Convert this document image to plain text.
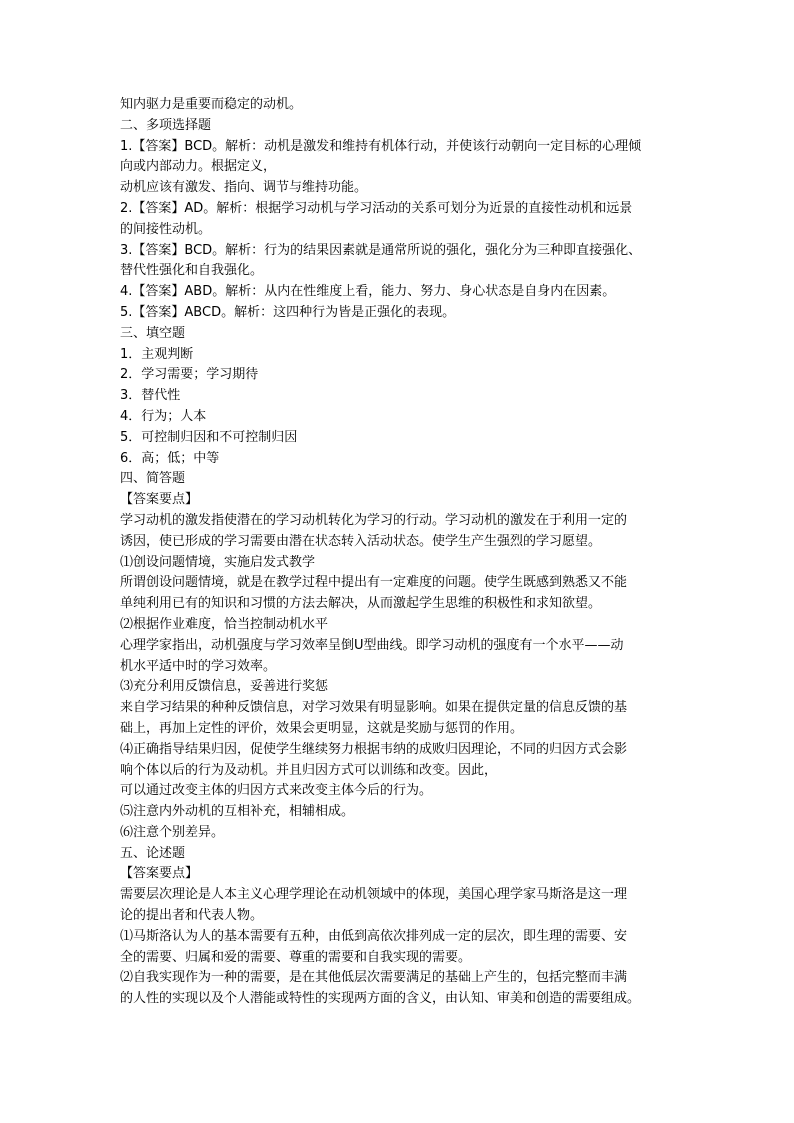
知内驱力是重要而稳定的动机。
二、多项选择题
1.【答案】BCD。解析：动机是激发和维持有机体行动，并使该行动朝向一定目标的心理倾
向或内部动力。根据定义，
动机应该有激发、指向、调节与维持功能。
2.【答案】AD。解析：根据学习动机与学习活动的关系可划分为近景的直接性动机和远景
的间接性动机。
3.【答案】BCD。解析：行为的结果因素就是通常所说的强化，强化分为三种即直接强化、
替代性强化和自我强化。
4.【答案】ABD。解析：从内在性维度上看，能力、努力、身心状态是自身内在因素。
5.【答案】ABCD。解析：这四种行为皆是正强化的表现。
三、填空题
1．主观判断
2．学习需要；学习期待
3．替代性
4．行为；人本
5．可控制归因和不可控制归因
6．高；低；中等
四、简答题
【答案要点】
学习动机的激发指使潜在的学习动机转化为学习的行动。学习动机的激发在于利用一定的
诱因，使已形成的学习需要由潜在状态转入活动状态。使学生产生强烈的学习愿望。
⑴创设问题情境，实施启发式教学
所谓创设问题情境，就是在教学过程中提出有一定难度的问题。使学生既感到熟悉又不能
单纯利用已有的知识和习惯的方法去解决，从而激起学生思维的积极性和求知欲望。
⑵根据作业难度，恰当控制动机水平
心理学家指出，动机强度与学习效率呈倒U型曲线。即学习动机的强度有一个水平——动
机水平适中时的学习效率。
⑶充分利用反馈信息，妥善进行奖惩
来自学习结果的种种反馈信息，对学习效果有明显影响。如果在提供定量的信息反馈的基
础上，再加上定性的评价，效果会更明显，这就是奖励与惩罚的作用。
⑷正确指导结果归因，促使学生继续努力根据韦纳的成败归因理论，不同的归因方式会影
响个体以后的行为及动机。并且归因方式可以训练和改变。因此，
可以通过改变主体的归因方式来改变主体今后的行为。
⑸注意内外动机的互相补充，相辅相成。
⑹注意个别差异。
五、论述题
【答案要点】
需要层次理论是人本主义心理学理论在动机领域中的体现，美国心理学家马斯洛是这一理
论的提出者和代表人物。
⑴马斯洛认为人的基本需要有五种，由低到高依次排列成一定的层次，即生理的需要、安
全的需要、归属和爱的需要、尊重的需要和自我实现的需要。
⑵自我实现作为一种的需要，是在其他低层次需要满足的基础上产生的，包括完整而丰满
的人性的实现以及个人潜能或特性的实现两方面的含义，由认知、审美和创造的需要组成。
